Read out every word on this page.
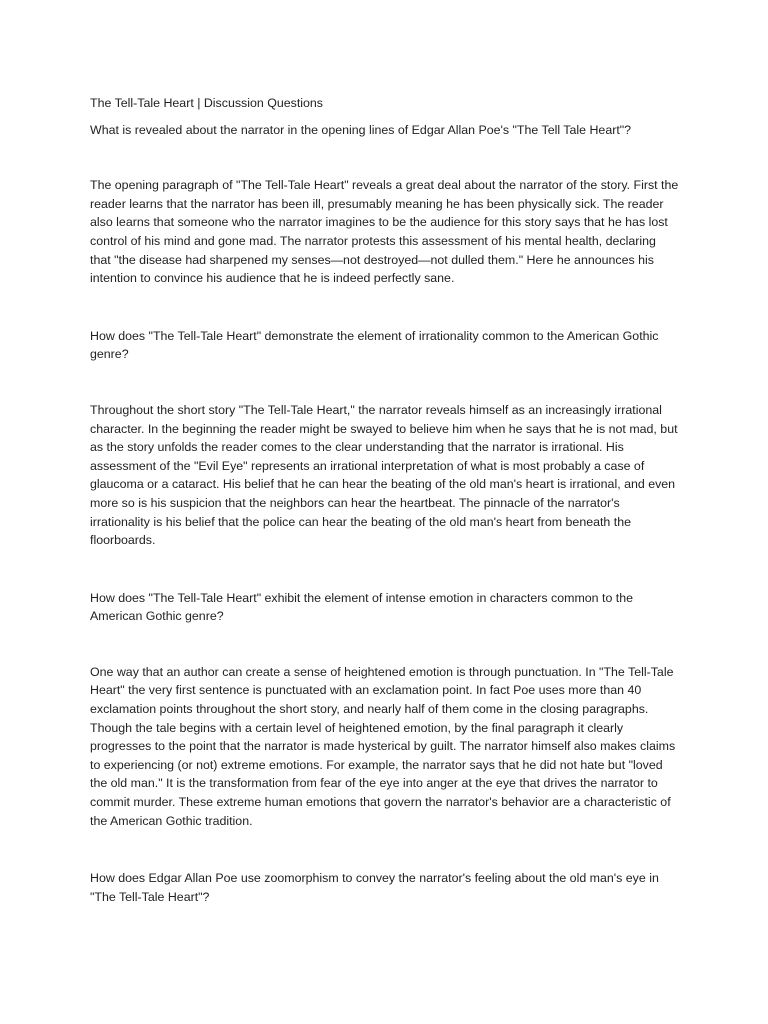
The Tell-Tale Heart | Discussion Questions

What is revealed about the narrator in the opening lines of Edgar Allan Poe's "The Tell Tale Heart"?

The opening paragraph of "The Tell-Tale Heart" reveals a great deal about the narrator of the story. First the reader learns that the narrator has been ill, presumably meaning he has been physically sick. The reader also learns that someone who the narrator imagines to be the audience for this story says that he has lost control of his mind and gone mad. The narrator protests this assessment of his mental health, declaring that "the disease had sharpened my senses—not destroyed—not dulled them." Here he announces his intention to convince his audience that he is indeed perfectly sane.

How does "The Tell-Tale Heart" demonstrate the element of irrationality common to the American Gothic genre?

Throughout the short story "The Tell-Tale Heart," the narrator reveals himself as an increasingly irrational character. In the beginning the reader might be swayed to believe him when he says that he is not mad, but as the story unfolds the reader comes to the clear understanding that the narrator is irrational. His assessment of the "Evil Eye" represents an irrational interpretation of what is most probably a case of glaucoma or a cataract. His belief that he can hear the beating of the old man's heart is irrational, and even more so is his suspicion that the neighbors can hear the heartbeat. The pinnacle of the narrator's irrationality is his belief that the police can hear the beating of the old man's heart from beneath the floorboards.

How does "The Tell-Tale Heart" exhibit the element of intense emotion in characters common to the American Gothic genre?

One way that an author can create a sense of heightened emotion is through punctuation. In "The Tell-Tale Heart" the very first sentence is punctuated with an exclamation point. In fact Poe uses more than 40 exclamation points throughout the short story, and nearly half of them come in the closing paragraphs. Though the tale begins with a certain level of heightened emotion, by the final paragraph it clearly progresses to the point that the narrator is made hysterical by guilt. The narrator himself also makes claims to experiencing (or not) extreme emotions. For example, the narrator says that he did not hate but "loved the old man." It is the transformation from fear of the eye into anger at the eye that drives the narrator to commit murder. These extreme human emotions that govern the narrator's behavior are a characteristic of the American Gothic tradition.

How does Edgar Allan Poe use zoomorphism to convey the narrator's feeling about the old man's eye in "The Tell-Tale Heart"?
